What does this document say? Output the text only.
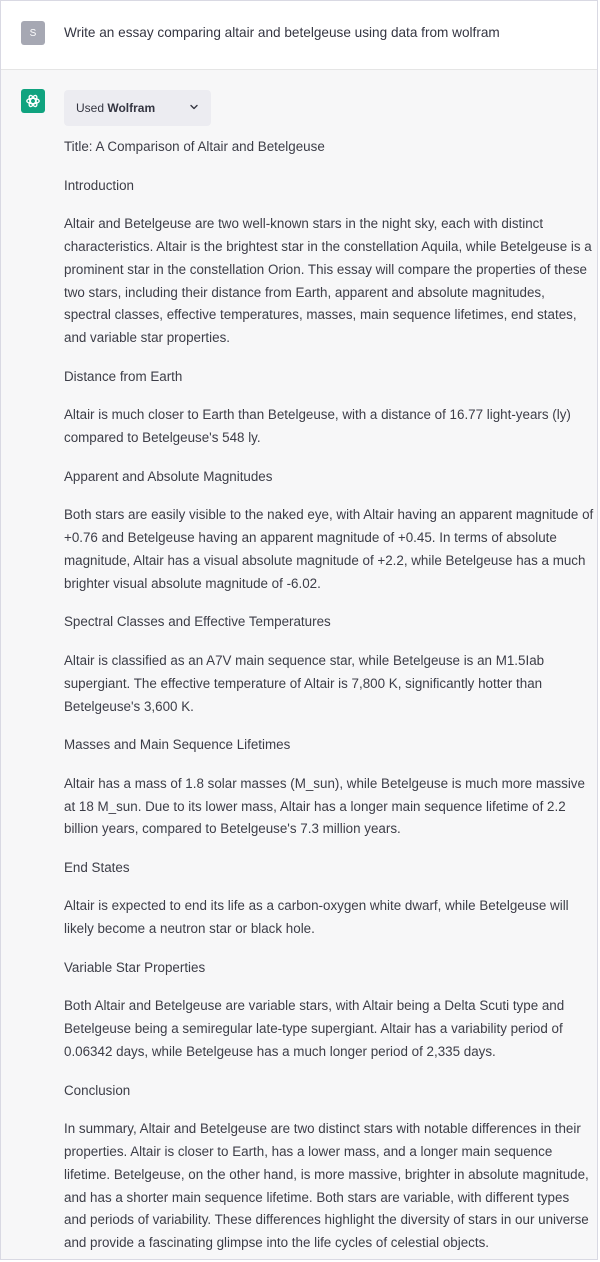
S	Write an essay comparing altair and betelgeuse using data from wolfram
Used Wolfram

Title: A Comparison of Altair and Betelgeuse

Introduction

Altair and Betelgeuse are two well-known stars in the night sky, each with distinct characteristics. Altair is the brightest star in the constellation Aquila, while Betelgeuse is a prominent star in the constellation Orion. This essay will compare the properties of these two stars, including their distance from Earth, apparent and absolute magnitudes, spectral classes, effective temperatures, masses, main sequence lifetimes, end states, and variable star properties.

Distance from Earth

Altair is much closer to Earth than Betelgeuse, with a distance of 16.77 light-years (ly) compared to Betelgeuse's 548 ly.

Apparent and Absolute Magnitudes

Both stars are easily visible to the naked eye, with Altair having an apparent magnitude of +0.76 and Betelgeuse having an apparent magnitude of +0.45. In terms of absolute magnitude, Altair has a visual absolute magnitude of +2.2, while Betelgeuse has a much brighter visual absolute magnitude of -6.02.

Spectral Classes and Effective Temperatures

Altair is classified as an A7V main sequence star, while Betelgeuse is an M1.5Iab supergiant. The effective temperature of Altair is 7,800 K, significantly hotter than Betelgeuse's 3,600 K.

Masses and Main Sequence Lifetimes

Altair has a mass of 1.8 solar masses (M_sun), while Betelgeuse is much more massive at 18 M_sun. Due to its lower mass, Altair has a longer main sequence lifetime of 2.2 billion years, compared to Betelgeuse's 7.3 million years.

End States

Altair is expected to end its life as a carbon-oxygen white dwarf, while Betelgeuse will likely become a neutron star or black hole.

Variable Star Properties

Both Altair and Betelgeuse are variable stars, with Altair being a Delta Scuti type and Betelgeuse being a semiregular late-type supergiant. Altair has a variability period of 0.06342 days, while Betelgeuse has a much longer period of 2,335 days.

Conclusion

In summary, Altair and Betelgeuse are two distinct stars with notable differences in their properties. Altair is closer to Earth, has a lower mass, and a longer main sequence lifetime. Betelgeuse, on the other hand, is more massive, brighter in absolute magnitude, and has a shorter main sequence lifetime. Both stars are variable, with different types and periods of variability. These differences highlight the diversity of stars in our universe and provide a fascinating glimpse into the life cycles of celestial objects.
